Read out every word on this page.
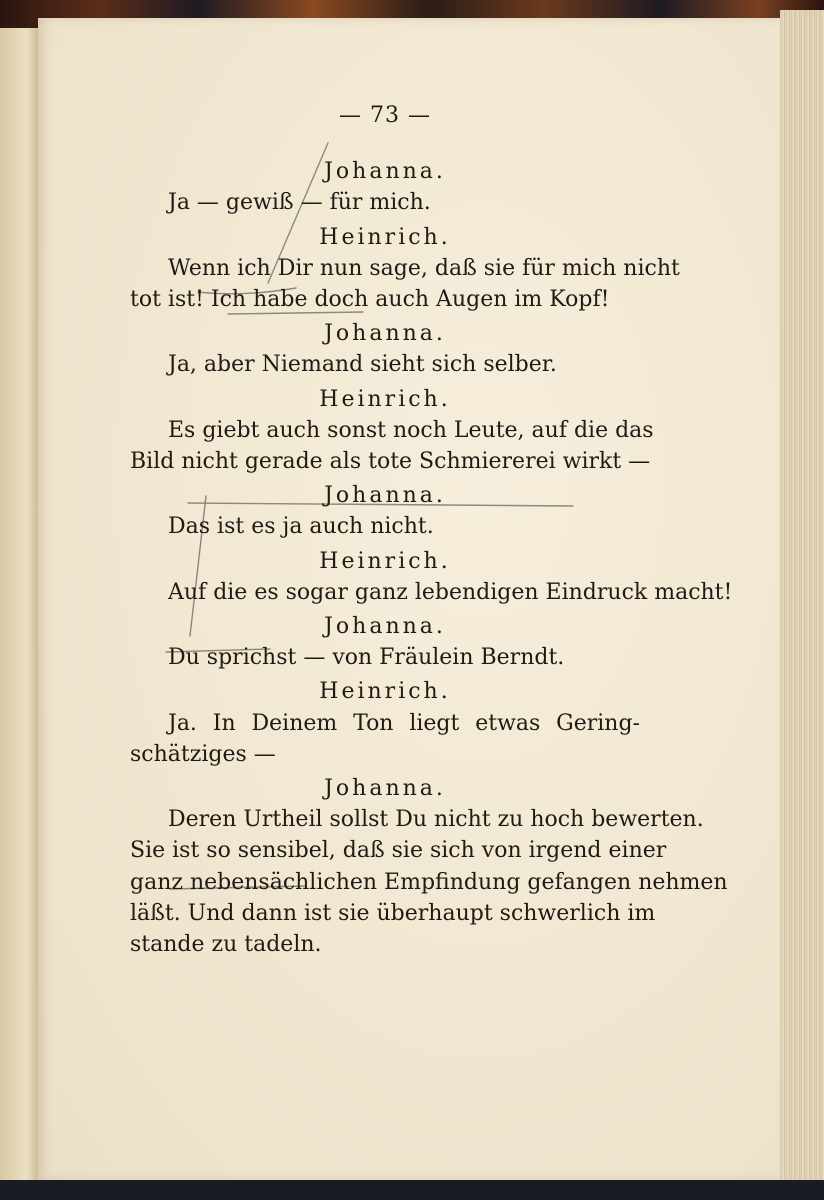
— 73 —
Johanna.
Ja — gewiß — für mich.
Heinrich.
Wenn ich Dir nun sage, daß sie für mich nicht
tot ist! Ich habe doch auch Augen im Kopf!
Johanna.
Ja, aber Niemand sieht sich selber.
Heinrich.
Es giebt auch sonst noch Leute, auf die das
Bild nicht gerade als tote Schmiererei wirkt —
Johanna.
Das ist es ja auch nicht.
Heinrich.
Auf die es sogar ganz lebendigen Eindruck macht!
Johanna.
Du sprichst — von Fräulein Berndt.
Heinrich.
Ja. In Deinem Ton liegt etwas Gering-
schätziges —
Johanna.
Deren Urtheil sollst Du nicht zu hoch bewerten.
Sie ist so sensibel, daß sie sich von irgend einer
ganz nebensächlichen Empfindung gefangen nehmen
läßt. Und dann ist sie überhaupt schwerlich im
stande zu tadeln.
